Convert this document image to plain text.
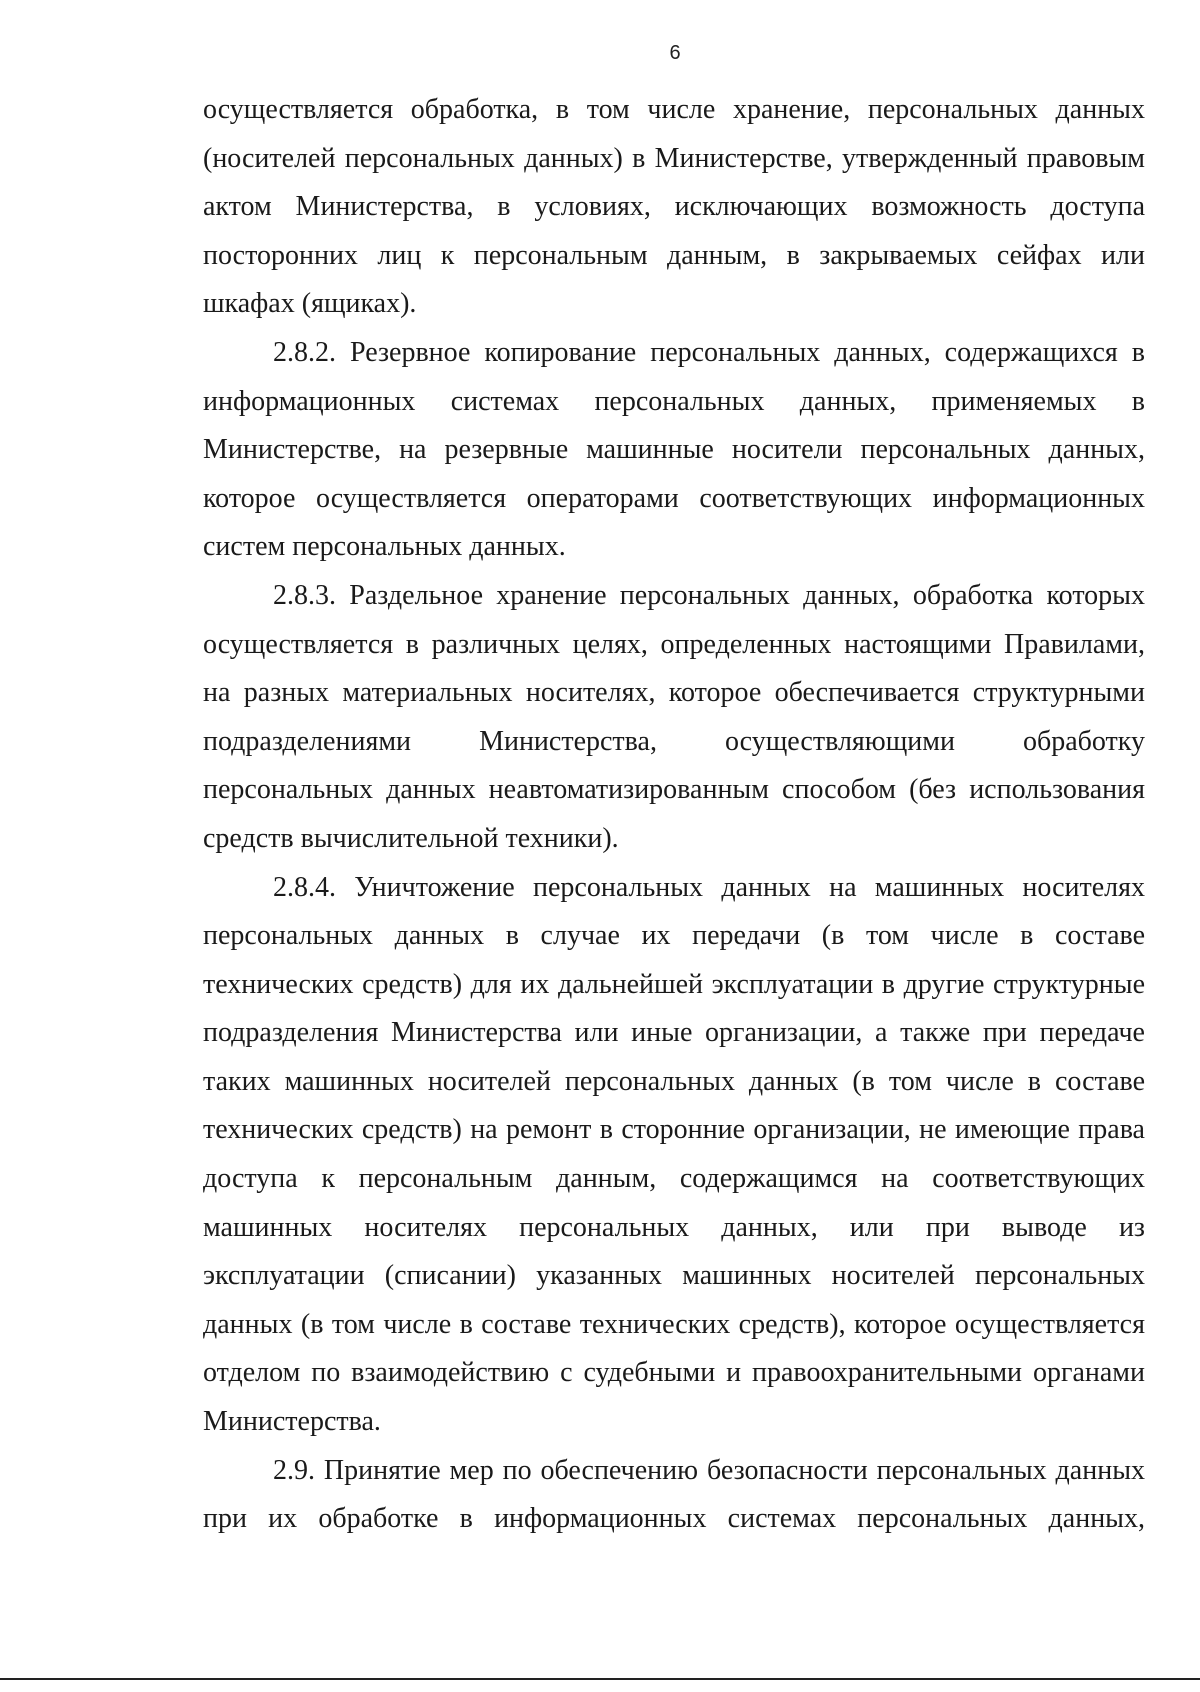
6
осуществляется обработка, в том числе хранение, персональных данных
(носителей персональных данных) в Министерстве, утвержденный правовым
актом Министерства, в условиях, исключающих возможность доступа
посторонних лиц к персональным данным, в закрываемых сейфах или
шкафах (ящиках).
2.8.2. Резервное копирование персональных данных, содержащихся в
информационных системах персональных данных, применяемых в
Министерстве, на резервные машинные носители персональных данных,
которое осуществляется операторами соответствующих информационных
систем персональных данных.
2.8.3. Раздельное хранение персональных данных, обработка которых
осуществляется в различных целях, определенных настоящими Правилами,
на разных материальных носителях, которое обеспечивается структурными
подразделениями Министерства, осуществляющими обработку
персональных данных неавтоматизированным способом (без использования
средств вычислительной техники).
2.8.4. Уничтожение персональных данных на машинных носителях
персональных данных в случае их передачи (в том числе в составе
технических средств) для их дальнейшей эксплуатации в другие структурные
подразделения Министерства или иные организации, а также при передаче
таких машинных носителей персональных данных (в том числе в составе
технических средств) на ремонт в сторонние организации, не имеющие права
доступа к персональным данным, содержащимся на соответствующих
машинных носителях персональных данных, или при выводе из
эксплуатации (списании) указанных машинных носителей персональных
данных (в том числе в составе технических средств), которое осуществляется
отделом по взаимодействию с судебными и правоохранительными органами
Министерства.
2.9. Принятие мер по обеспечению безопасности персональных данных
при их обработке в информационных системах персональных данных,
